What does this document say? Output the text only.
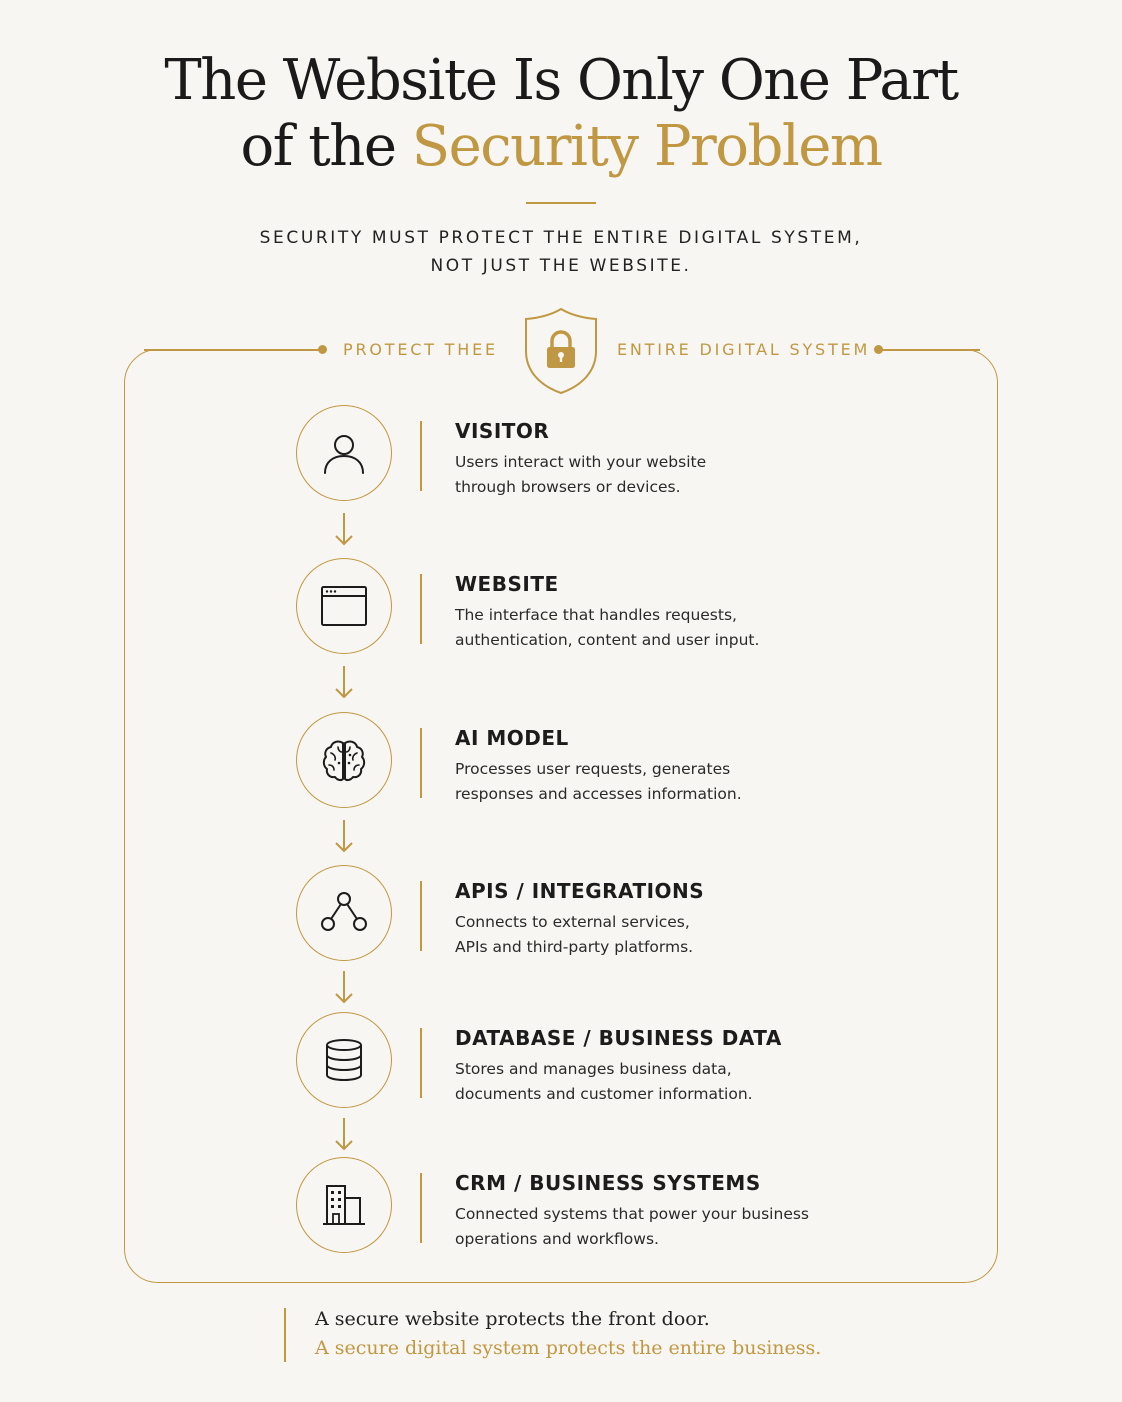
The Website Is Only One Part
of the Security Problem
SECURITY MUST PROTECT THE ENTIRE DIGITAL SYSTEM,
NOT JUST THE WEBSITE.
PROTECT THEE	ENTIRE DIGITAL SYSTEM
VISITOR
Users interact with your website
through browsers or devices.
WEBSITE
The interface that handles requests,
authentication, content and user input.
AI MODEL
Processes user requests, generates
responses and accesses information.
APIS / INTEGRATIONS
Connects to external services,
APIs and third-party platforms.
DATABASE / BUSINESS DATA
Stores and manages business data,
documents and customer information.
CRM / BUSINESS SYSTEMS
Connected systems that power your business
operations and workflows.
A secure website protects the front door.
A secure digital system protects the entire business.
